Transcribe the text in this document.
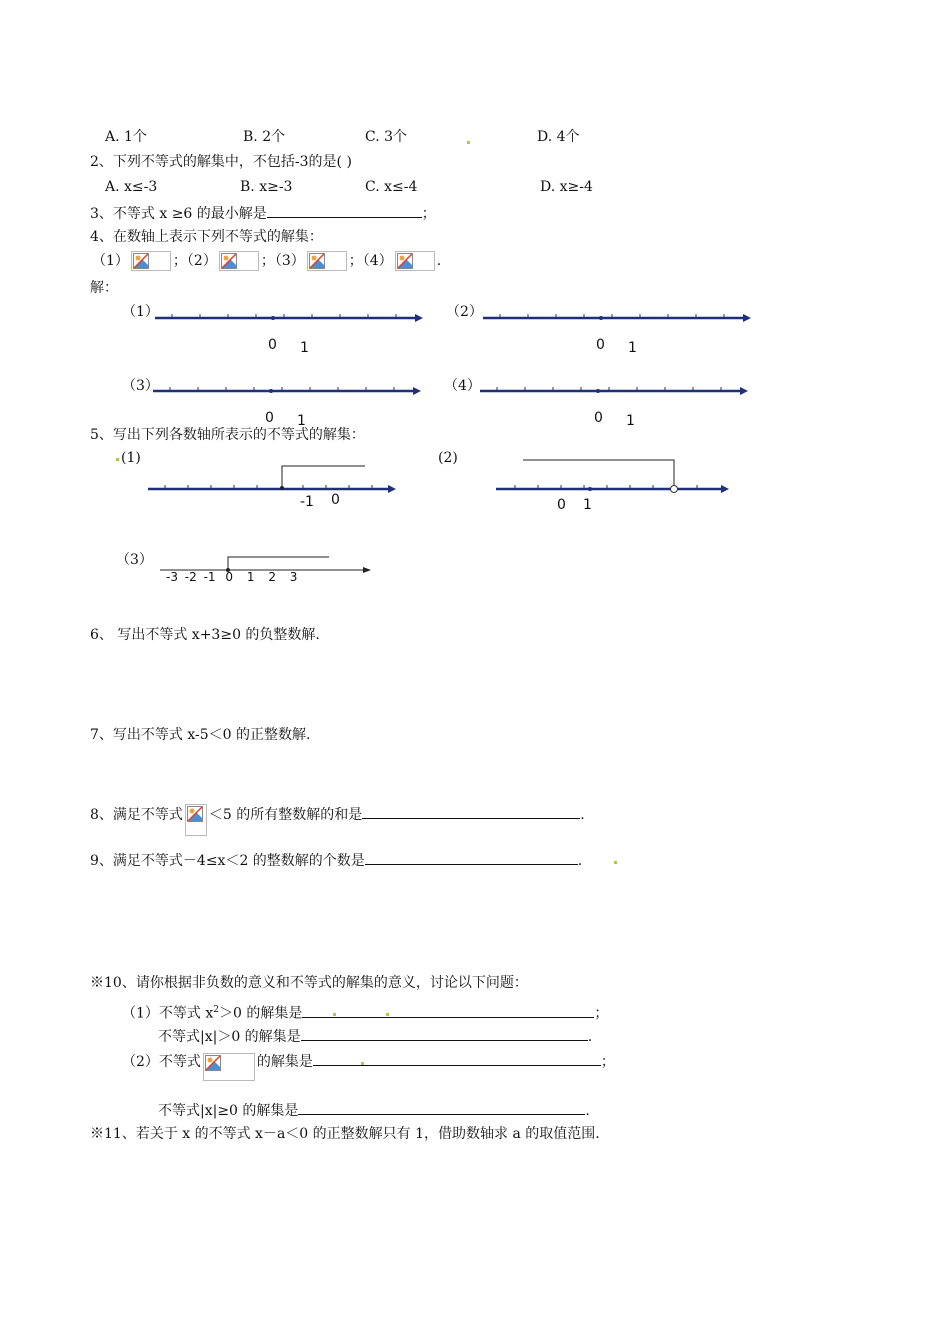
A. 1个	B. 2个	C. 3个	D. 4个
2、下列不等式的解集中，不包括-3的是( )
A. x≤-3	B. x≥-3	C. x≤-4	D. x≥-4
3、不等式 x ≥6 的最小解是	；
4、在数轴上表示下列不等式的解集：
（1）	；（2）	；（3）	；（4）	.
解：
（1）
0 1
（2）
0 1
（3）
0 1
（4）
0 1
5、写出下列各数轴所表示的不等式的解集：
(1)
-1 0
(2)
0 1
（3）
-3 -2 -1 0 1 2 3
6、 写出不等式 x+3≥0 的负整数解.
7、写出不等式 x-5＜0 的正整数解.
8、满足不等式 ＜5 的所有整数解的和是	.
9、满足不等式－4≤x＜2 的整数解的个数是	.
※10、请你根据非负数的意义和不等式的解集的意义，讨论以下问题：
（1）不等式 $x^2>0$ 的解集是	；
不等式|x|＞0 的解集是	.
（2）不等式	的解集是	；
不等式|x|≥0 的解集是	.
※11、若关于 x 的不等式 x－a＜0 的正整数解只有 1，借助数轴求 a 的取值范围.
